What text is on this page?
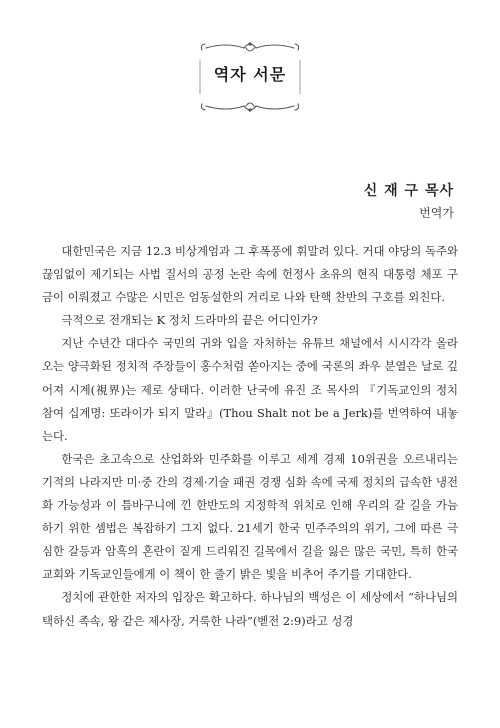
역자 서문
신 재 구 목사
번역가

대한민국은 지금 12.3 비상계엄과 그 후폭풍에 휘말려 있다. 거대 야당의 독주와 끊임없이 제기되는 사법 질서의 공정 논란 속에 헌정사 초유의 현직 대통령 체포 구금이 이뤄졌고 수많은 시민은 엄동설한의 거리로 나와 탄핵 찬반의 구호를 외친다.

극적으로 전개되는 K 정치 드라마의 끝은 어디인가?

지난 수년간 대다수 국민의 귀와 입을 자처하는 유튜브 채널에서 시시각각 올라오는 양극화된 정치적 주장들이 홍수처럼 쏟아지는 중에 국론의 좌우 분열은 날로 깊어져 시계(視界)는 제로 상태다. 이러한 난국에 유진 조 목사의 『기독교인의 정치 참여 십계명: 또라이가 되지 말라』(Thou Shalt not be a Jerk)를 번역하여 내놓는다.

한국은 초고속으로 산업화와 민주화를 이루고 세계 경제 10위권을 오르내리는 기적의 나라지만 미·중 간의 경제·기술 패권 경쟁 심화 속에 국제 정치의 급속한 냉전화 가능성과 이 틈바구니에 낀 한반도의 지정학적 위치로 인해 우리의 갈 길을 가늠하기 위한 셈법은 복잡하기 그지 없다. 21세기 한국 민주주의의 위기, 그에 따른 극심한 갈등과 암흑의 혼란이 짙게 드리워진 길목에서 길을 잃은 많은 국민, 특히 한국 교회와 기독교인들에게 이 책이 한 줄기 밝은 빛을 비추어 주기를 기대한다.

정치에 관한한 저자의 입장은 확고하다. 하나님의 백성은 이 세상에서 “하나님의 택하신 족속, 왕 같은 제사장, 거룩한 나라”(벧전 2:9)라고 성경
